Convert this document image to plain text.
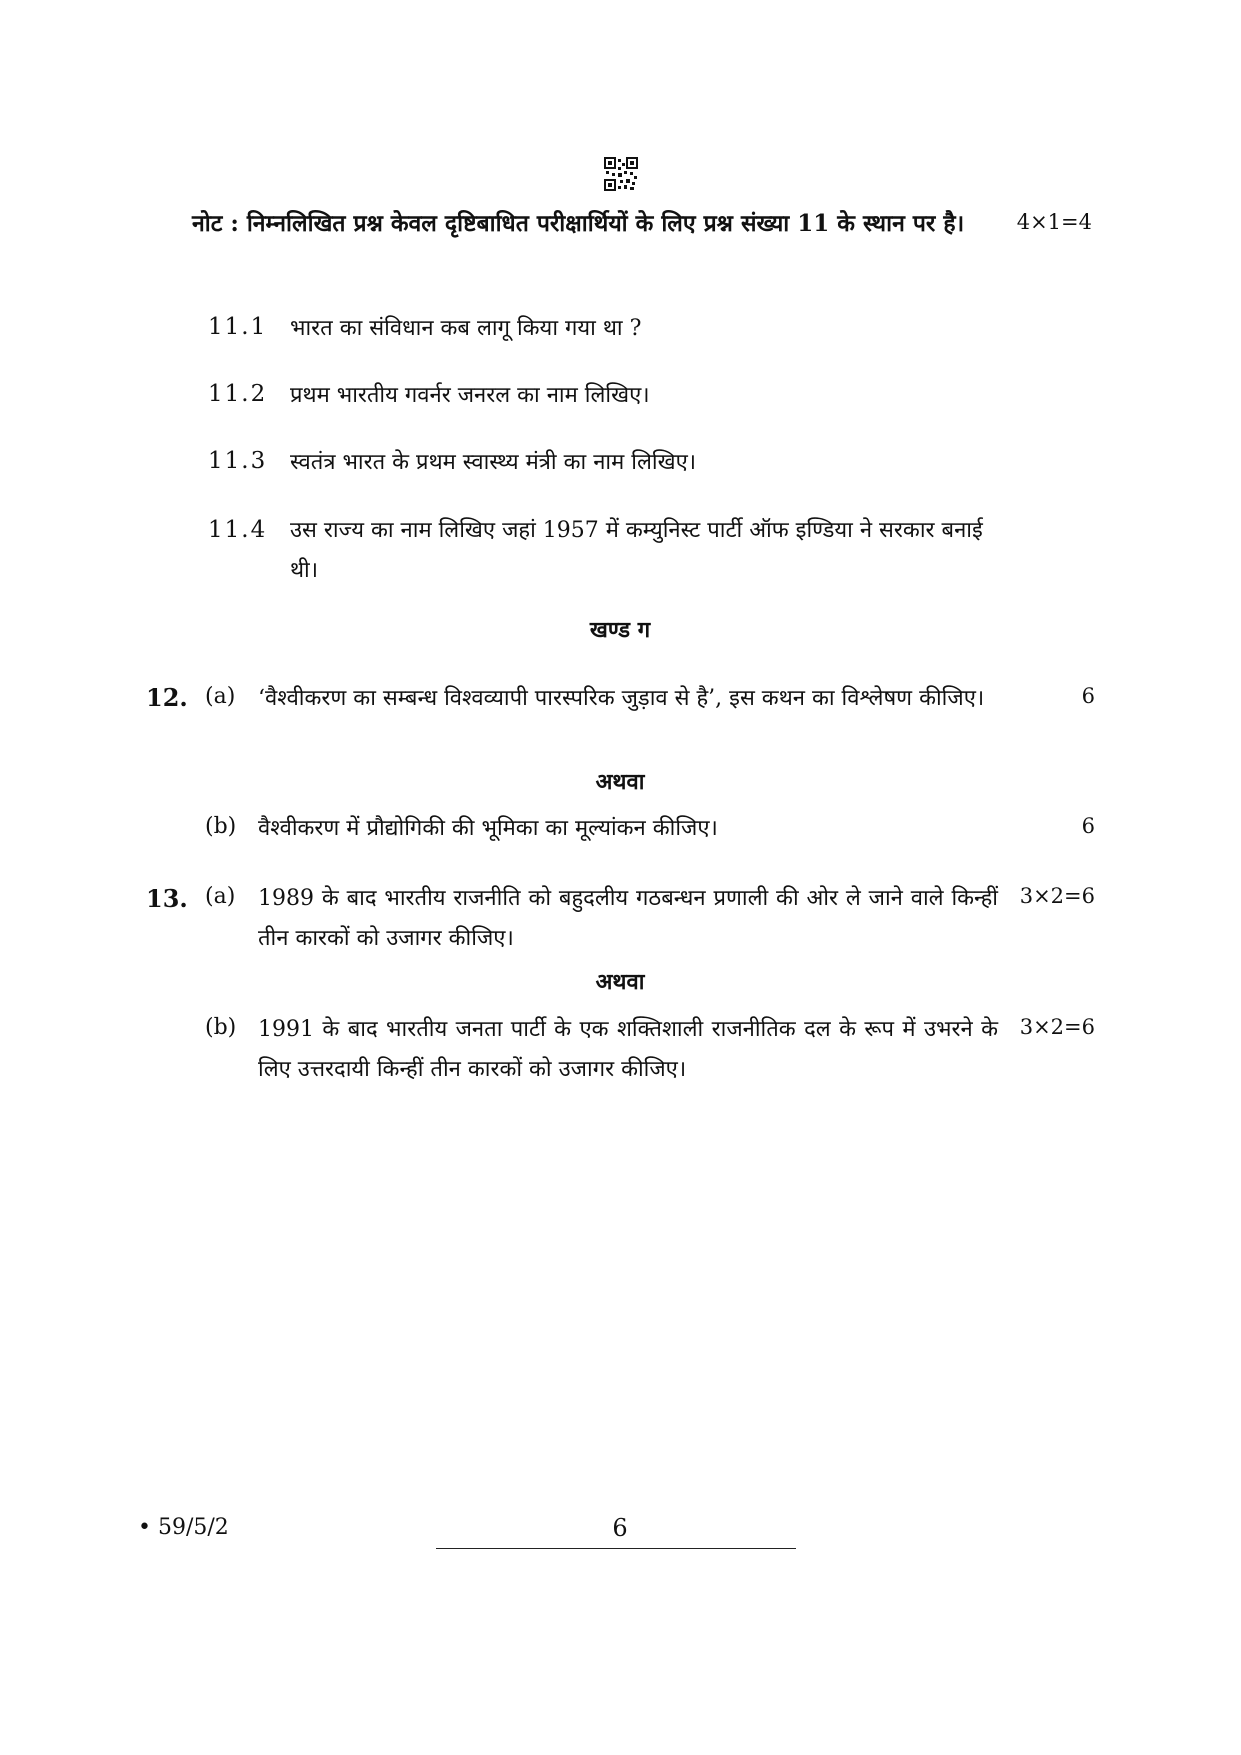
नोट : निम्नलिखित प्रश्न केवल दृष्टिबाधित परीक्षार्थियों के लिए प्रश्न संख्या 11 के स्थान पर है।	4×1=4
11.1 भारत का संविधान कब लागू किया गया था ?
11.2 प्रथम भारतीय गवर्नर जनरल का नाम लिखिए।
11.3 स्वतंत्र भारत के प्रथम स्वास्थ्य मंत्री का नाम लिखिए।
11.4 उस राज्य का नाम लिखिए जहां 1957 में कम्युनिस्ट पार्टी ऑफ इण्डिया ने सरकार बनाई थी।
खण्ड ग
12. (a) ‘वैश्वीकरण का सम्बन्ध विश्वव्यापी पारस्परिक जुड़ाव से है’, इस कथन का विश्लेषण कीजिए।	6
अथवा
(b) वैश्वीकरण में प्रौद्योगिकी की भूमिका का मूल्यांकन कीजिए।	6
13. (a) 1989 के बाद भारतीय राजनीति को बहुदलीय गठबन्धन प्रणाली की ओर ले जाने वाले किन्हीं तीन कारकों को उजागर कीजिए।
3×2=6
अथवा
(b) 1991 के बाद भारतीय जनता पार्टी के एक शक्तिशाली राजनीतिक दल के रूप में उभरने के लिए उत्तरदायी किन्हीं तीन कारकों को उजागर कीजिए।
3×2=6
• 59/5/2	6
